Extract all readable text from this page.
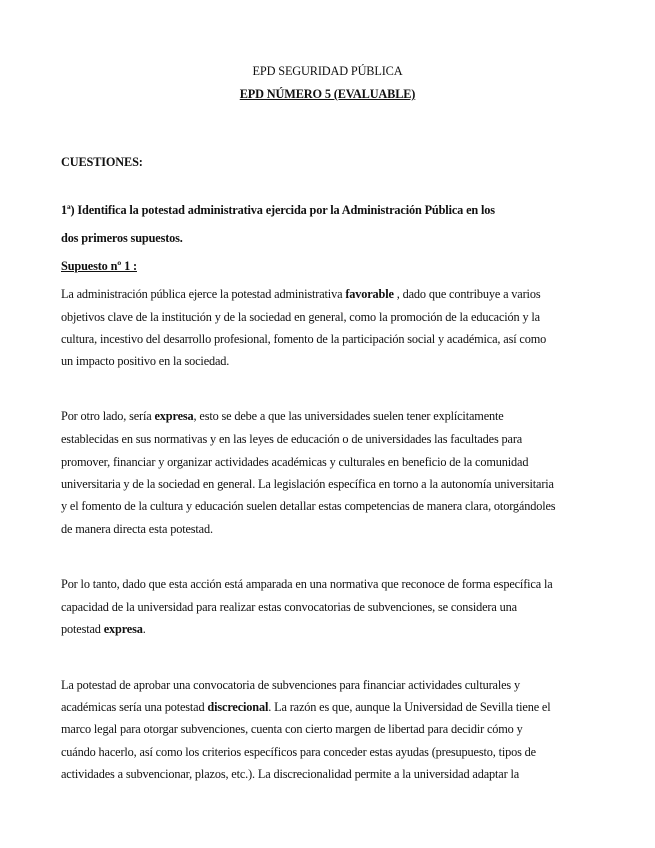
EPD SEGURIDAD PÚBLICA
EPD NÚMERO 5 (EVALUABLE)
CUESTIONES:
1ª) Identifica la potestad administrativa ejercida por la Administración Pública en los
dos primeros supuestos.
Supuesto nº 1 :
La administración pública ejerce la potestad administrativa favorable , dado que contribuye a varios
objetivos clave de la institución y de la sociedad en general, como la promoción de la educación y la
cultura, incestivo del desarrollo profesional, fomento de la participación social y académica, así como
un impacto positivo en la sociedad.
Por otro lado, sería expresa, esto se debe a que las universidades suelen tener explícitamente
establecidas en sus normativas y en las leyes de educación o de universidades las facultades para
promover, financiar y organizar actividades académicas y culturales en beneficio de la comunidad
universitaria y de la sociedad en general. La legislación específica en torno a la autonomía universitaria
y el fomento de la cultura y educación suelen detallar estas competencias de manera clara, otorgándoles
de manera directa esta potestad.
Por lo tanto, dado que esta acción está amparada en una normativa que reconoce de forma específica la
capacidad de la universidad para realizar estas convocatorias de subvenciones, se considera una
potestad expresa.
La potestad de aprobar una convocatoria de subvenciones para financiar actividades culturales y
académicas sería una potestad discrecional. La razón es que, aunque la Universidad de Sevilla tiene el
marco legal para otorgar subvenciones, cuenta con cierto margen de libertad para decidir cómo y
cuándo hacerlo, así como los criterios específicos para conceder estas ayudas (presupuesto, tipos de
actividades a subvencionar, plazos, etc.). La discrecionalidad permite a la universidad adaptar la
